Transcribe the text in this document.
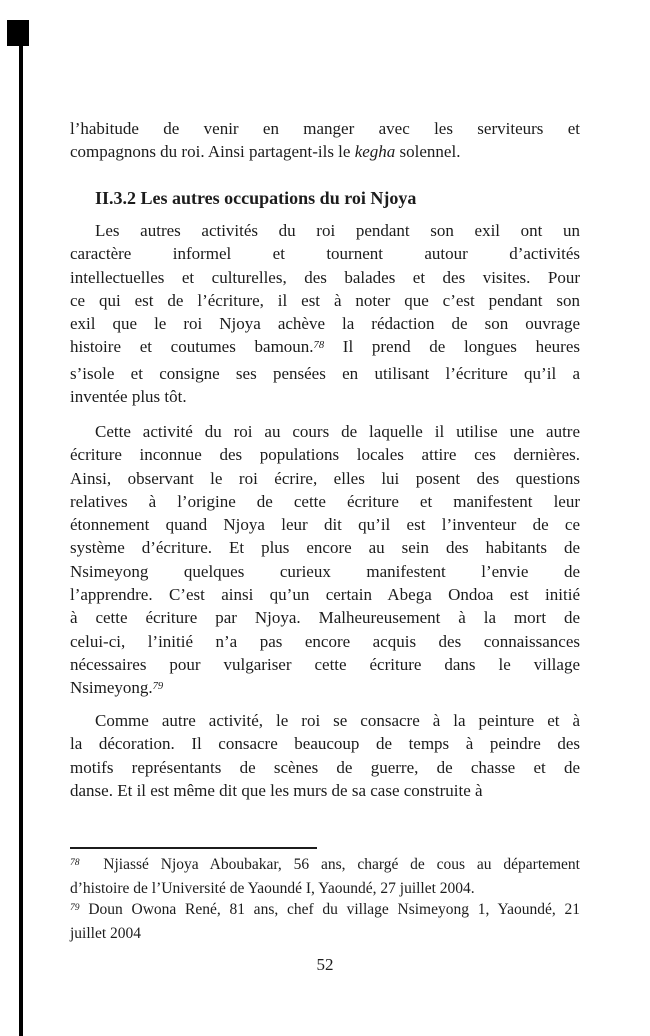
l’habitude de venir en manger avec les serviteurs et
compagnons du roi. Ainsi partagent-ils le kegha solennel.
II.3.2 Les autres occupations du roi Njoya
Les autres activités du roi pendant son exil ont un
caractère informel et tournent autour d’activités
intellectuelles et culturelles, des balades et des visites. Pour
ce qui est de l’écriture, il est à noter que c’est pendant son
exil que le roi Njoya achève la rédaction de son ouvrage
histoire et coutumes bamoun.$^{78}$ Il prend de longues heures
s’isole et consigne ses pensées en utilisant l’écriture qu’il a
inventée plus tôt.
Cette activité du roi au cours de laquelle il utilise une autre
écriture inconnue des populations locales attire ces dernières.
Ainsi, observant le roi écrire, elles lui posent des questions
relatives à l’origine de cette écriture et manifestent leur
étonnement quand Njoya leur dit qu’il est l’inventeur de ce
système d’écriture. Et plus encore au sein des habitants de
Nsimeyong quelques curieux manifestent l’envie de
l’apprendre. C’est ainsi qu’un certain Abega Ondoa est initié
à cette écriture par Njoya. Malheureusement à la mort de
celui-ci, l’initié n’a pas encore acquis des connaissances
nécessaires pour vulgariser cette écriture dans le village
Nsimeyong.$^{79}$
Comme autre activité, le roi se consacre à la peinture et à
la décoration. Il consacre beaucoup de temps à peindre des
motifs représentants de scènes de guerre, de chasse et de
danse. Et il est même dit que les murs de sa case construite à
$^{78}$  Njiassé Njoya Aboubakar, 56 ans, chargé de cous au département
d’histoire de l’Université de Yaoundé I, Yaoundé, 27 juillet 2004.
$^{79}$ Doun Owona René, 81 ans, chef du village Nsimeyong 1, Yaoundé, 21
juillet 2004
52
